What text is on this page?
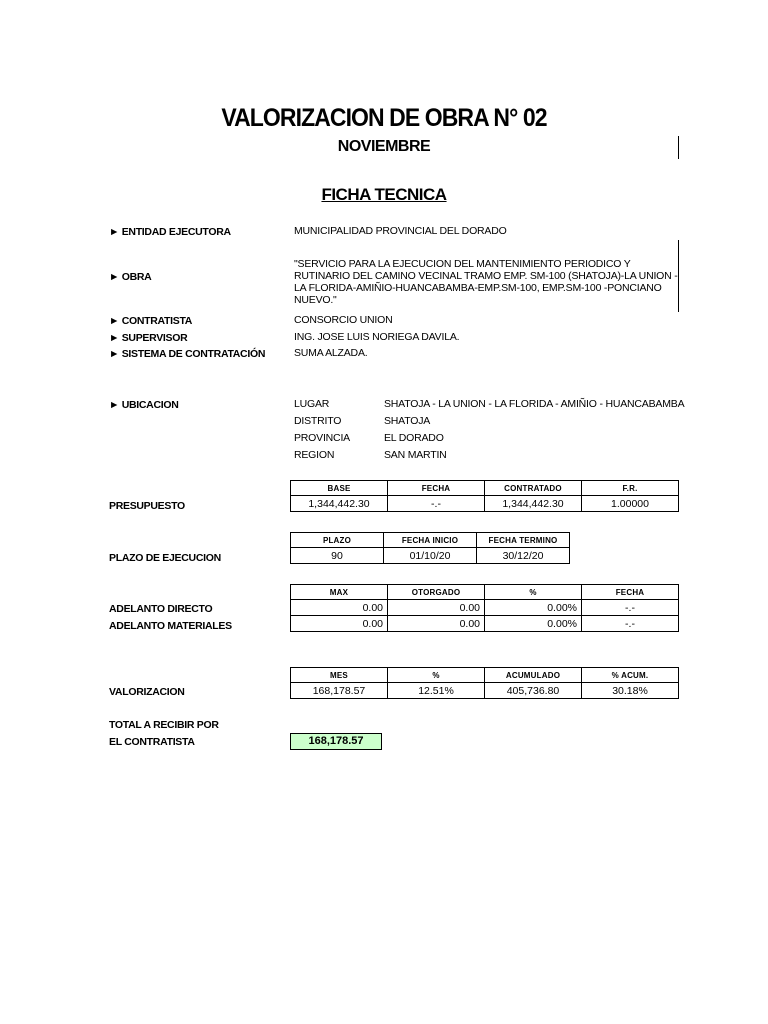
VALORIZACION DE OBRA N° 02
NOVIEMBRE
FICHA TECNICA
► ENTIDAD EJECUTORA	MUNICIPALIDAD PROVINCIAL DEL DORADO
► OBRA
"SERVICIO PARA LA EJECUCION DEL MANTENIMIENTO PERIODICO Y RUTINARIO DEL CAMINO VECINAL TRAMO EMP. SM-100 (SHATOJA)-LA UNION -LA FLORIDA-AMIÑIO-HUANCABAMBA-EMP.SM-100, EMP.SM-100 -PONCIANO NUEVO."
► CONTRATISTA	CONSORCIO UNION
► SUPERVISOR	ING. JOSE LUIS NORIEGA DAVILA.
► SISTEMA DE CONTRATACIÓN	SUMA ALZADA.
► UBICACION	LUGAR	SHATOJA - LA UNION - LA FLORIDA - AMIÑIO - HUANCABAMBA
DISTRITO	SHATOJA
PROVINCIA	EL DORADO
REGION	SAN MARTIN
PRESUPUESTO
BASE	FECHA	CONTRATADO	F.R.
1,344,442.30	-.-	1,344,442.30	1.00000
PLAZO DE EJECUCION
PLAZO	FECHA INICIO	FECHA TERMINO
90	01/10/20	30/12/20
ADELANTO DIRECTO
ADELANTO MATERIALES
MAX	OTORGADO	%	FECHA
0.00	0.00	0.00%	-.-
0.00	0.00	0.00%	-.-
VALORIZACION
MES	%	ACUMULADO	% ACUM.
168,178.57	12.51%	405,736.80	30.18%
TOTAL A RECIBIR POR
EL CONTRATISTA	168,178.57
